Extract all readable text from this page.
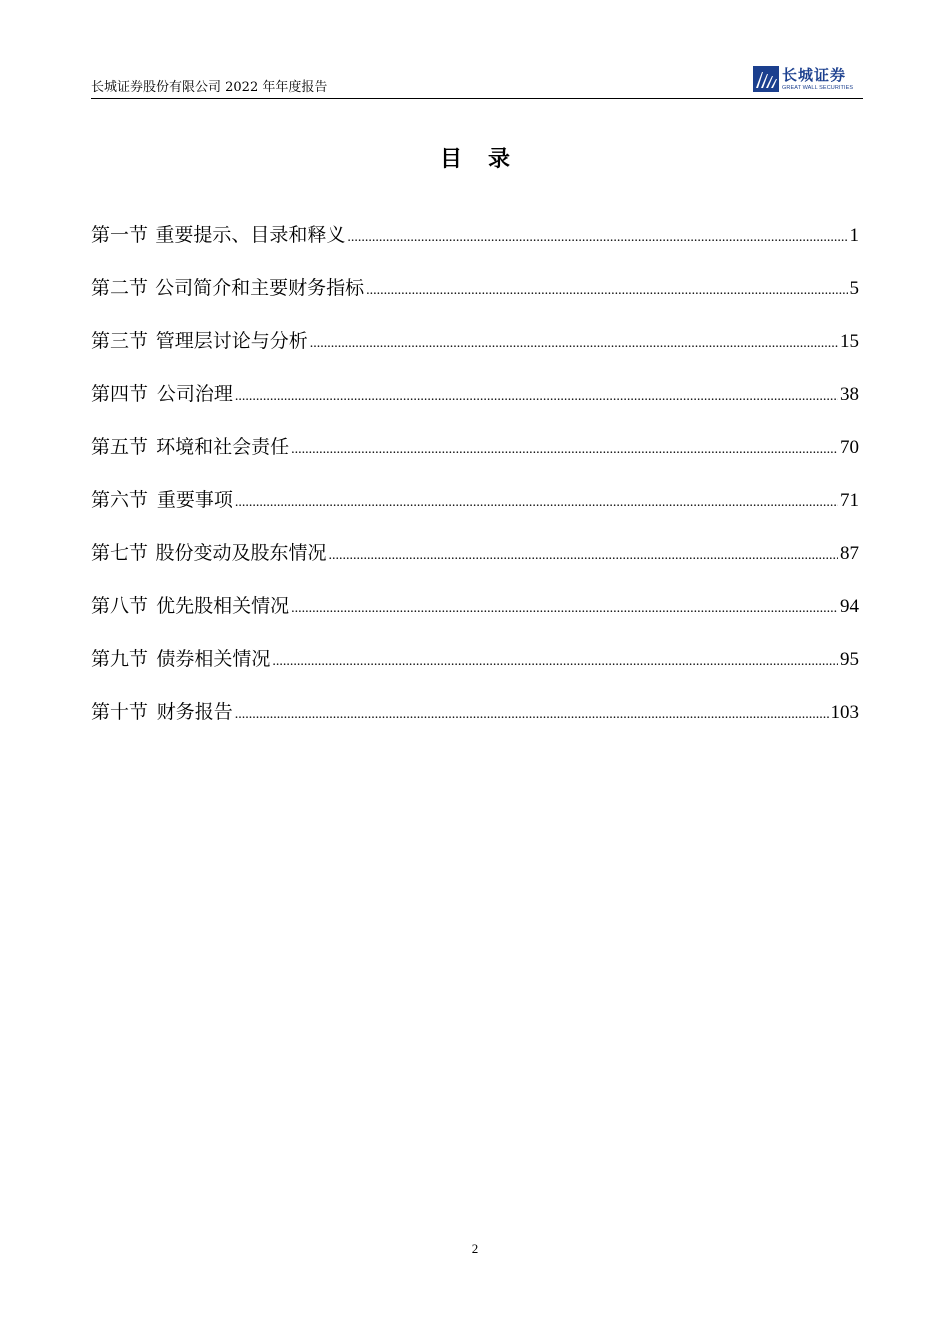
长城证券股份有限公司 2022 年年度报告
长城证券
GREAT WALL SECURITIES
目录
第一节 重要提示、目录和释义 .....	1
第二节 公司简介和主要财务指标 .....	5
第三节 管理层讨论与分析 .....	15
第四节 公司治理 .....	38
第五节 环境和社会责任 .....	70
第六节 重要事项 .....	71
第七节 股份变动及股东情况 .....	87
第八节 优先股相关情况 .....	94
第九节 债券相关情况 .....	95
第十节 财务报告 .....	103
2
